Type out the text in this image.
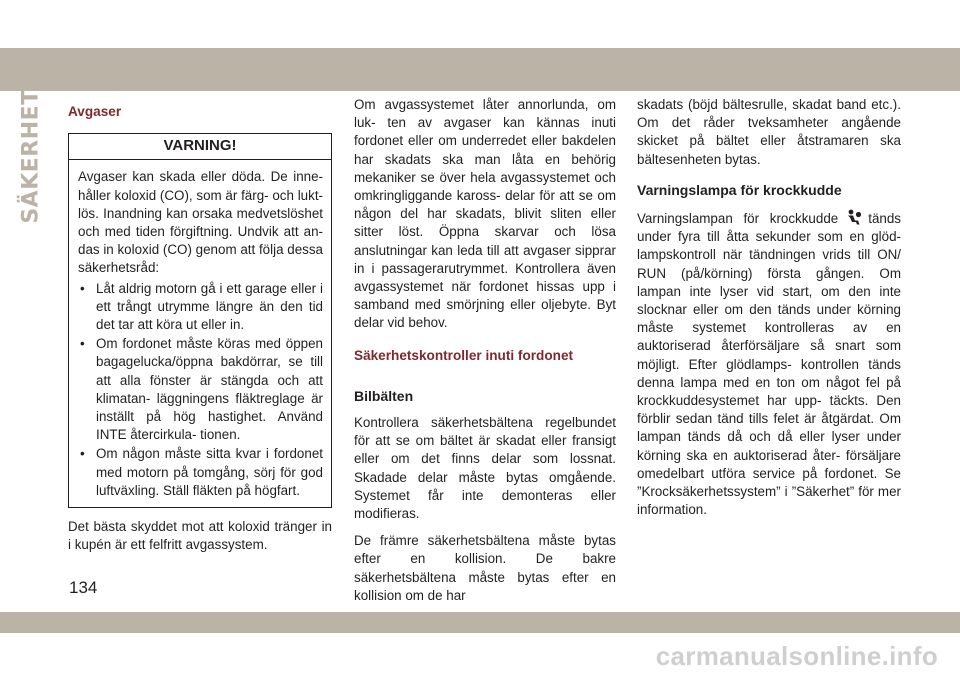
SÄKERHET Avgaser
VARNING!

Avgaser kan skada eller döda. De inne- håller koloxid (CO), som är färg- och lukt- lös. Inandning kan orsaka medvetslöshet och med tiden förgiftning. Undvik att an- das in koloxid (CO) genom att följa dessa säkerhetsråd:

• Låt aldrig motorn gå i ett garage eller i ett trångt utrymme längre än den tid det tar att köra ut eller in.
• Om fordonet måste köras med öppen bagagelucka/öppna bakdörrar, se till att alla fönster är stängda och att klimatan- läggningens fläktreglage är inställt på hög hastighet. Använd INTE återcirkula- tionen.
• Om någon måste sitta kvar i fordonet med motorn på tomgång, sörj för god luftväxling. Ställ fläkten på högfart.

Det bästa skyddet mot att koloxid tränger in i kupén är ett felfritt avgassystem.

Om avgassystemet låter annorlunda, om luk- ten av avgaser kan kännas inuti fordonet eller om underredet eller bakdelen har skadats ska man låta en behörig mekaniker se över hela avgassystemet och omkringliggande kaross- delar för att se om någon del har skadats, blivit sliten eller sitter löst. Öppna skarvar och lösa anslutningar kan leda till att avgaser sipprar in i passagerarutrymmet. Kontrollera även avgassystemet när fordonet hissas upp i samband med smörjning eller oljebyte. Byt delar vid behov.

Säkerhetskontroller inuti fordonet
Bilbälten

Kontrollera säkerhetsbältena regelbundet för att se om bältet är skadat eller fransigt eller om det finns delar som lossnat. Skadade delar måste bytas omgående. Systemet får inte demonteras eller modifieras.

De främre säkerhetsbältena måste bytas efter en kollision. De bakre säkerhetsbältena måste bytas efter en kollision om de har

skadats (böjd bältesrulle, skadat band etc.). Om det råder tveksamheter angående skicket på bältet eller åtstramaren ska bältesenheten bytas.

Varningslampa för krockkudde

Varningslampan för krockkudde tänds under fyra till åtta sekunder som en glöd- lampskontroll när tändningen vrids till ON/ RUN (på/körning) första gången. Om lampan inte lyser vid start, om den inte slocknar eller om den tänds under körning måste systemet kontrolleras av en auktoriserad återförsäljare så snart som möjligt. Efter glödlamps- kontrollen tänds denna lampa med en ton om något fel på krockkuddesystemet har upp- täckts. Den förblir sedan tänd tills felet är åtgärdat. Om lampan tänds då och då eller lyser under körning ska en auktoriserad åter- försäljare omedelbart utföra service på fordonet. Se ”Krocksäkerhetssystem” i ”Säkerhet” för mer information.

134
carmanualsonline.info
